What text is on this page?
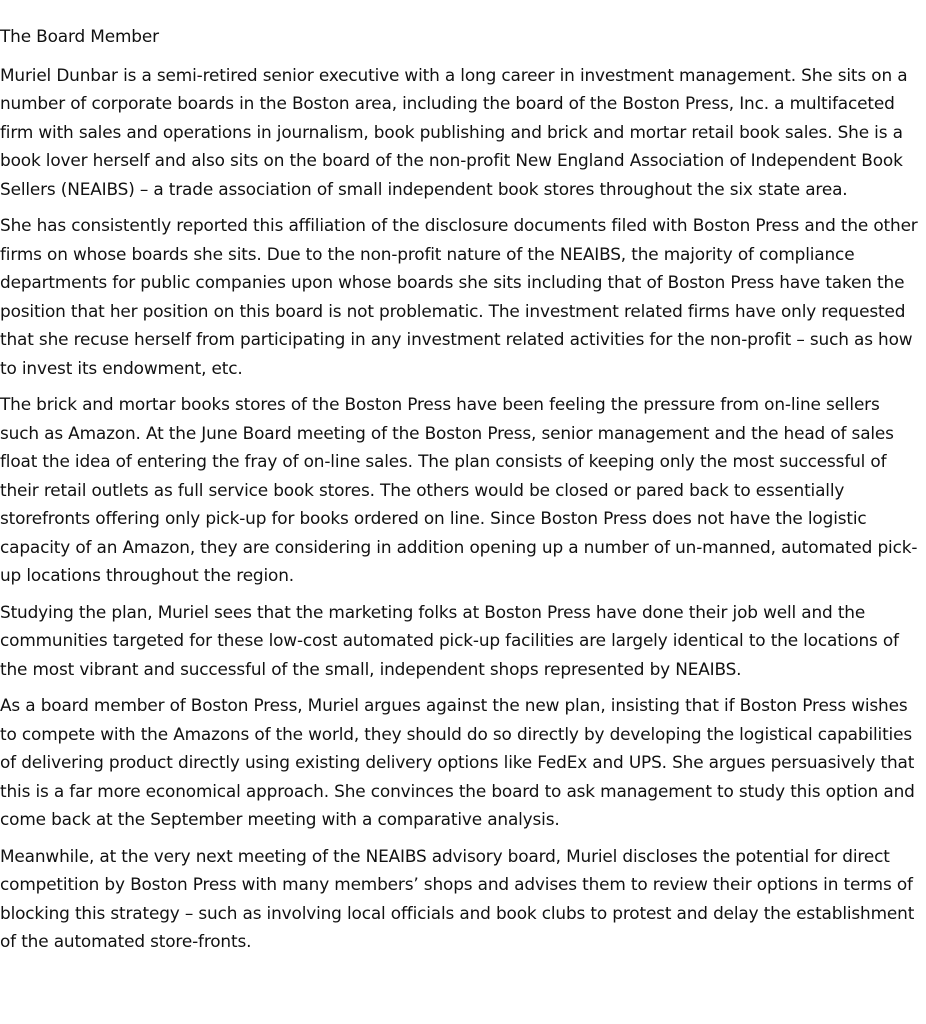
The Board Member

Muriel Dunbar is a semi-retired senior executive with a long career in investment management. She sits on a number of corporate boards in the Boston area, including the board of the Boston Press, Inc. a multifaceted firm with sales and operations in journalism, book publishing and brick and mortar retail book sales. She is a book lover herself and also sits on the board of the non-profit New England Association of Independent Book Sellers (NEAIBS) – a trade association of small independent book stores throughout the six state area.

She has consistently reported this affiliation of the disclosure documents filed with Boston Press and the other firms on whose boards she sits. Due to the non-profit nature of the NEAIBS, the majority of compliance departments for public companies upon whose boards she sits including that of Boston Press have taken the position that her position on this board is not problematic. The investment related firms have only requested that she recuse herself from participating in any investment related activities for the non-profit – such as how to invest its endowment, etc.

The brick and mortar books stores of the Boston Press have been feeling the pressure from on-line sellers such as Amazon. At the June Board meeting of the Boston Press, senior management and the head of sales float the idea of entering the fray of on-line sales. The plan consists of keeping only the most successful of their retail outlets as full service book stores. The others would be closed or pared back to essentially storefronts offering only pick-up for books ordered on line. Since Boston Press does not have the logistic capacity of an Amazon, they are considering in addition opening up a number of un-manned, automated pick-up locations throughout the region.

Studying the plan, Muriel sees that the marketing folks at Boston Press have done their job well and the communities targeted for these low-cost automated pick-up facilities are largely identical to the locations of the most vibrant and successful of the small, independent shops represented by NEAIBS.

As a board member of Boston Press, Muriel argues against the new plan, insisting that if Boston Press wishes to compete with the Amazons of the world, they should do so directly by developing the logistical capabilities of delivering product directly using existing delivery options like FedEx and UPS. She argues persuasively that this is a far more economical approach. She convinces the board to ask management to study this option and come back at the September meeting with a comparative analysis.

Meanwhile, at the very next meeting of the NEAIBS advisory board, Muriel discloses the potential for direct competition by Boston Press with many members’ shops and advises them to review their options in terms of blocking this strategy – such as involving local officials and book clubs to protest and delay the establishment of the automated store-fronts.
